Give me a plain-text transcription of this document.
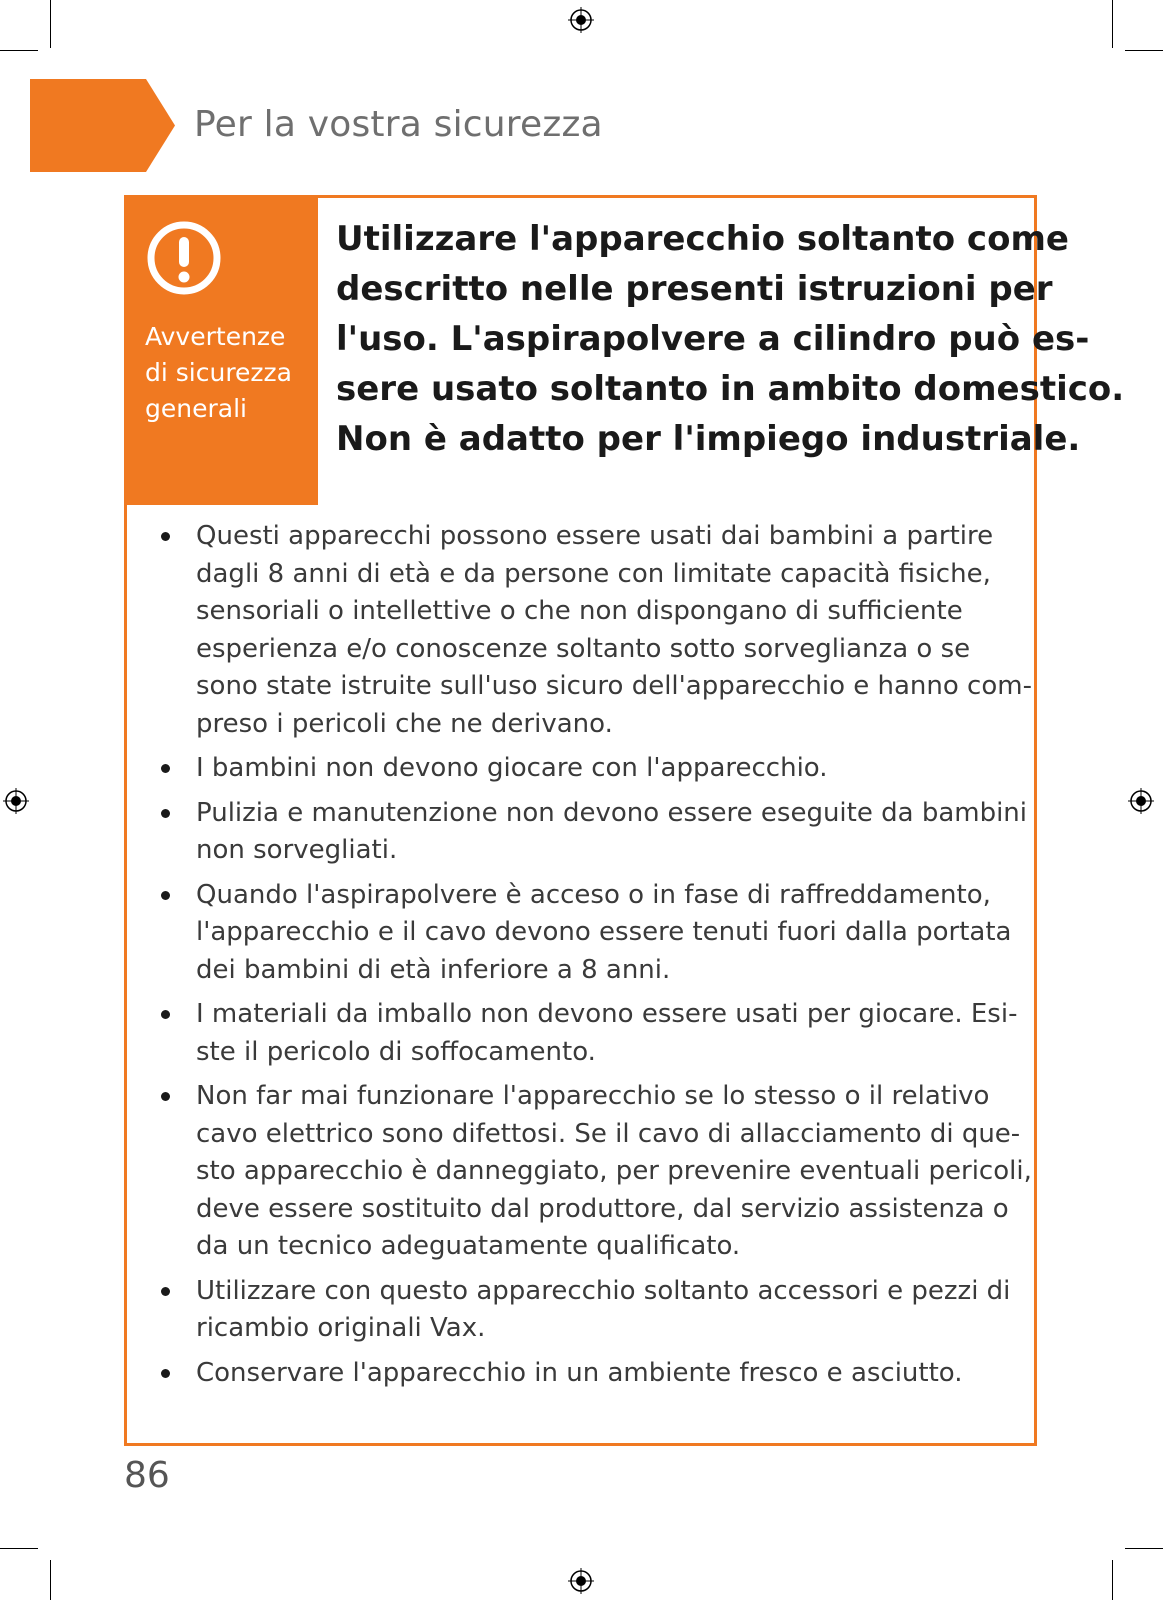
Per la vostra sicurezza
Avvertenze
di sicurezza
generali
Utilizzare l'apparecchio soltanto come
descritto nelle presenti istruzioni per
l'uso. L'aspirapolvere a cilindro può es-
sere usato soltanto in ambito domestico.
Non è adatto per l'impiego industriale.
Questi apparecchi possono essere usati dai bambini a partire
dagli 8 anni di età e da persone con limitate capacità fisiche,
sensoriali o intellettive o che non dispongano di sufficiente
esperienza e/o conoscenze soltanto sotto sorveglianza o se
sono state istruite sull'uso sicuro dell'apparecchio e hanno com-
preso i pericoli che ne derivano.
I bambini non devono giocare con l'apparecchio.
Pulizia e manutenzione non devono essere eseguite da bambini
non sorvegliati.
Quando l'aspirapolvere è acceso o in fase di raffreddamento,
l'apparecchio e il cavo devono essere tenuti fuori dalla portata
dei bambini di età inferiore a 8 anni.
I materiali da imballo non devono essere usati per giocare. Esi-
ste il pericolo di soffocamento.
Non far mai funzionare l'apparecchio se lo stesso o il relativo
cavo elettrico sono difettosi. Se il cavo di allacciamento di que-
sto apparecchio è danneggiato, per prevenire eventuali pericoli,
deve essere sostituito dal produttore, dal servizio assistenza o
da un tecnico adeguatamente qualificato.
Utilizzare con questo apparecchio soltanto accessori e pezzi di
ricambio originali Vax.
Conservare l'apparecchio in un ambiente fresco e asciutto.
86
